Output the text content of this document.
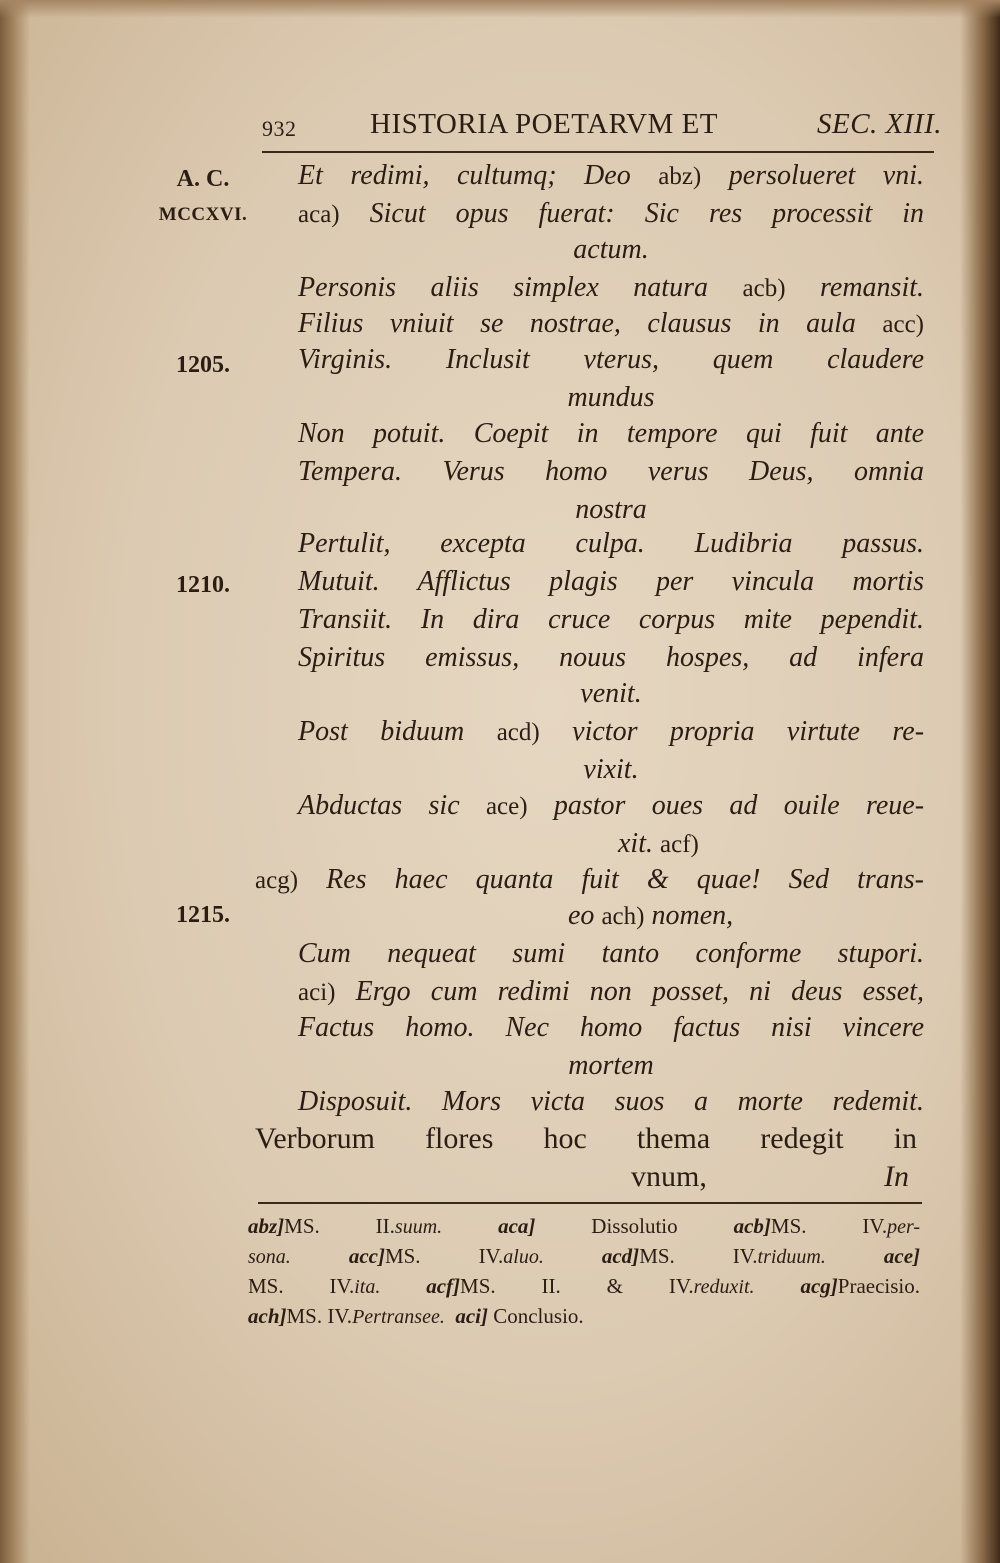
932	HISTORIA POETARVM ET	SEC. XIII.
A. C.
MCCXVI.
1205.
1210.
1215.
Et redimi, cultumq; Deo abz) persolueret vni.
aca) Sicut opus fuerat: Sic res processit in
actum.
Personis aliis simplex natura acb) remansit.
Filius vniuit se nostrae, clausus in aula acc)
Virginis. Inclusit vterus, quem claudere
mundus
Non potuit. Coepit in tempore qui fuit ante
Tempera. Verus homo verus Deus, omnia
nostra
Pertulit, excepta culpa. Ludibria passus.
Mutuit. Afflictus plagis per vincula mortis
Transiit. In dira cruce corpus mite pependit.
Spiritus emissus, nouus hospes, ad infera
venit.
Post biduum acd) victor propria virtute re-
vixit.
Abductas sic ace) pastor oues ad ouile reue-
xit. acf)
acg) Res haec quanta fuit & quae! Sed trans-
eo ach) nomen,
Cum nequeat sumi tanto conforme stupori.
aci) Ergo cum redimi non posset, ni deus esset,
Factus homo. Nec homo factus nisi vincere
mortem
Disposuit. Mors victa suos a morte redemit.
Verborum flores hoc thema redegit in
vnum,	In
abz]MS. II.suum.	aca]	Dissolutio	acb]MS. IV.per-
sona.	acc]MS. IV.aluo.	acd]MS. IV.triduum.	ace]
MS. IV.ita. acf]MS. II. & IV.reduxit. acg]Praecisio.
ach]MS. IV.Pertransee. aci] Conclusio.
